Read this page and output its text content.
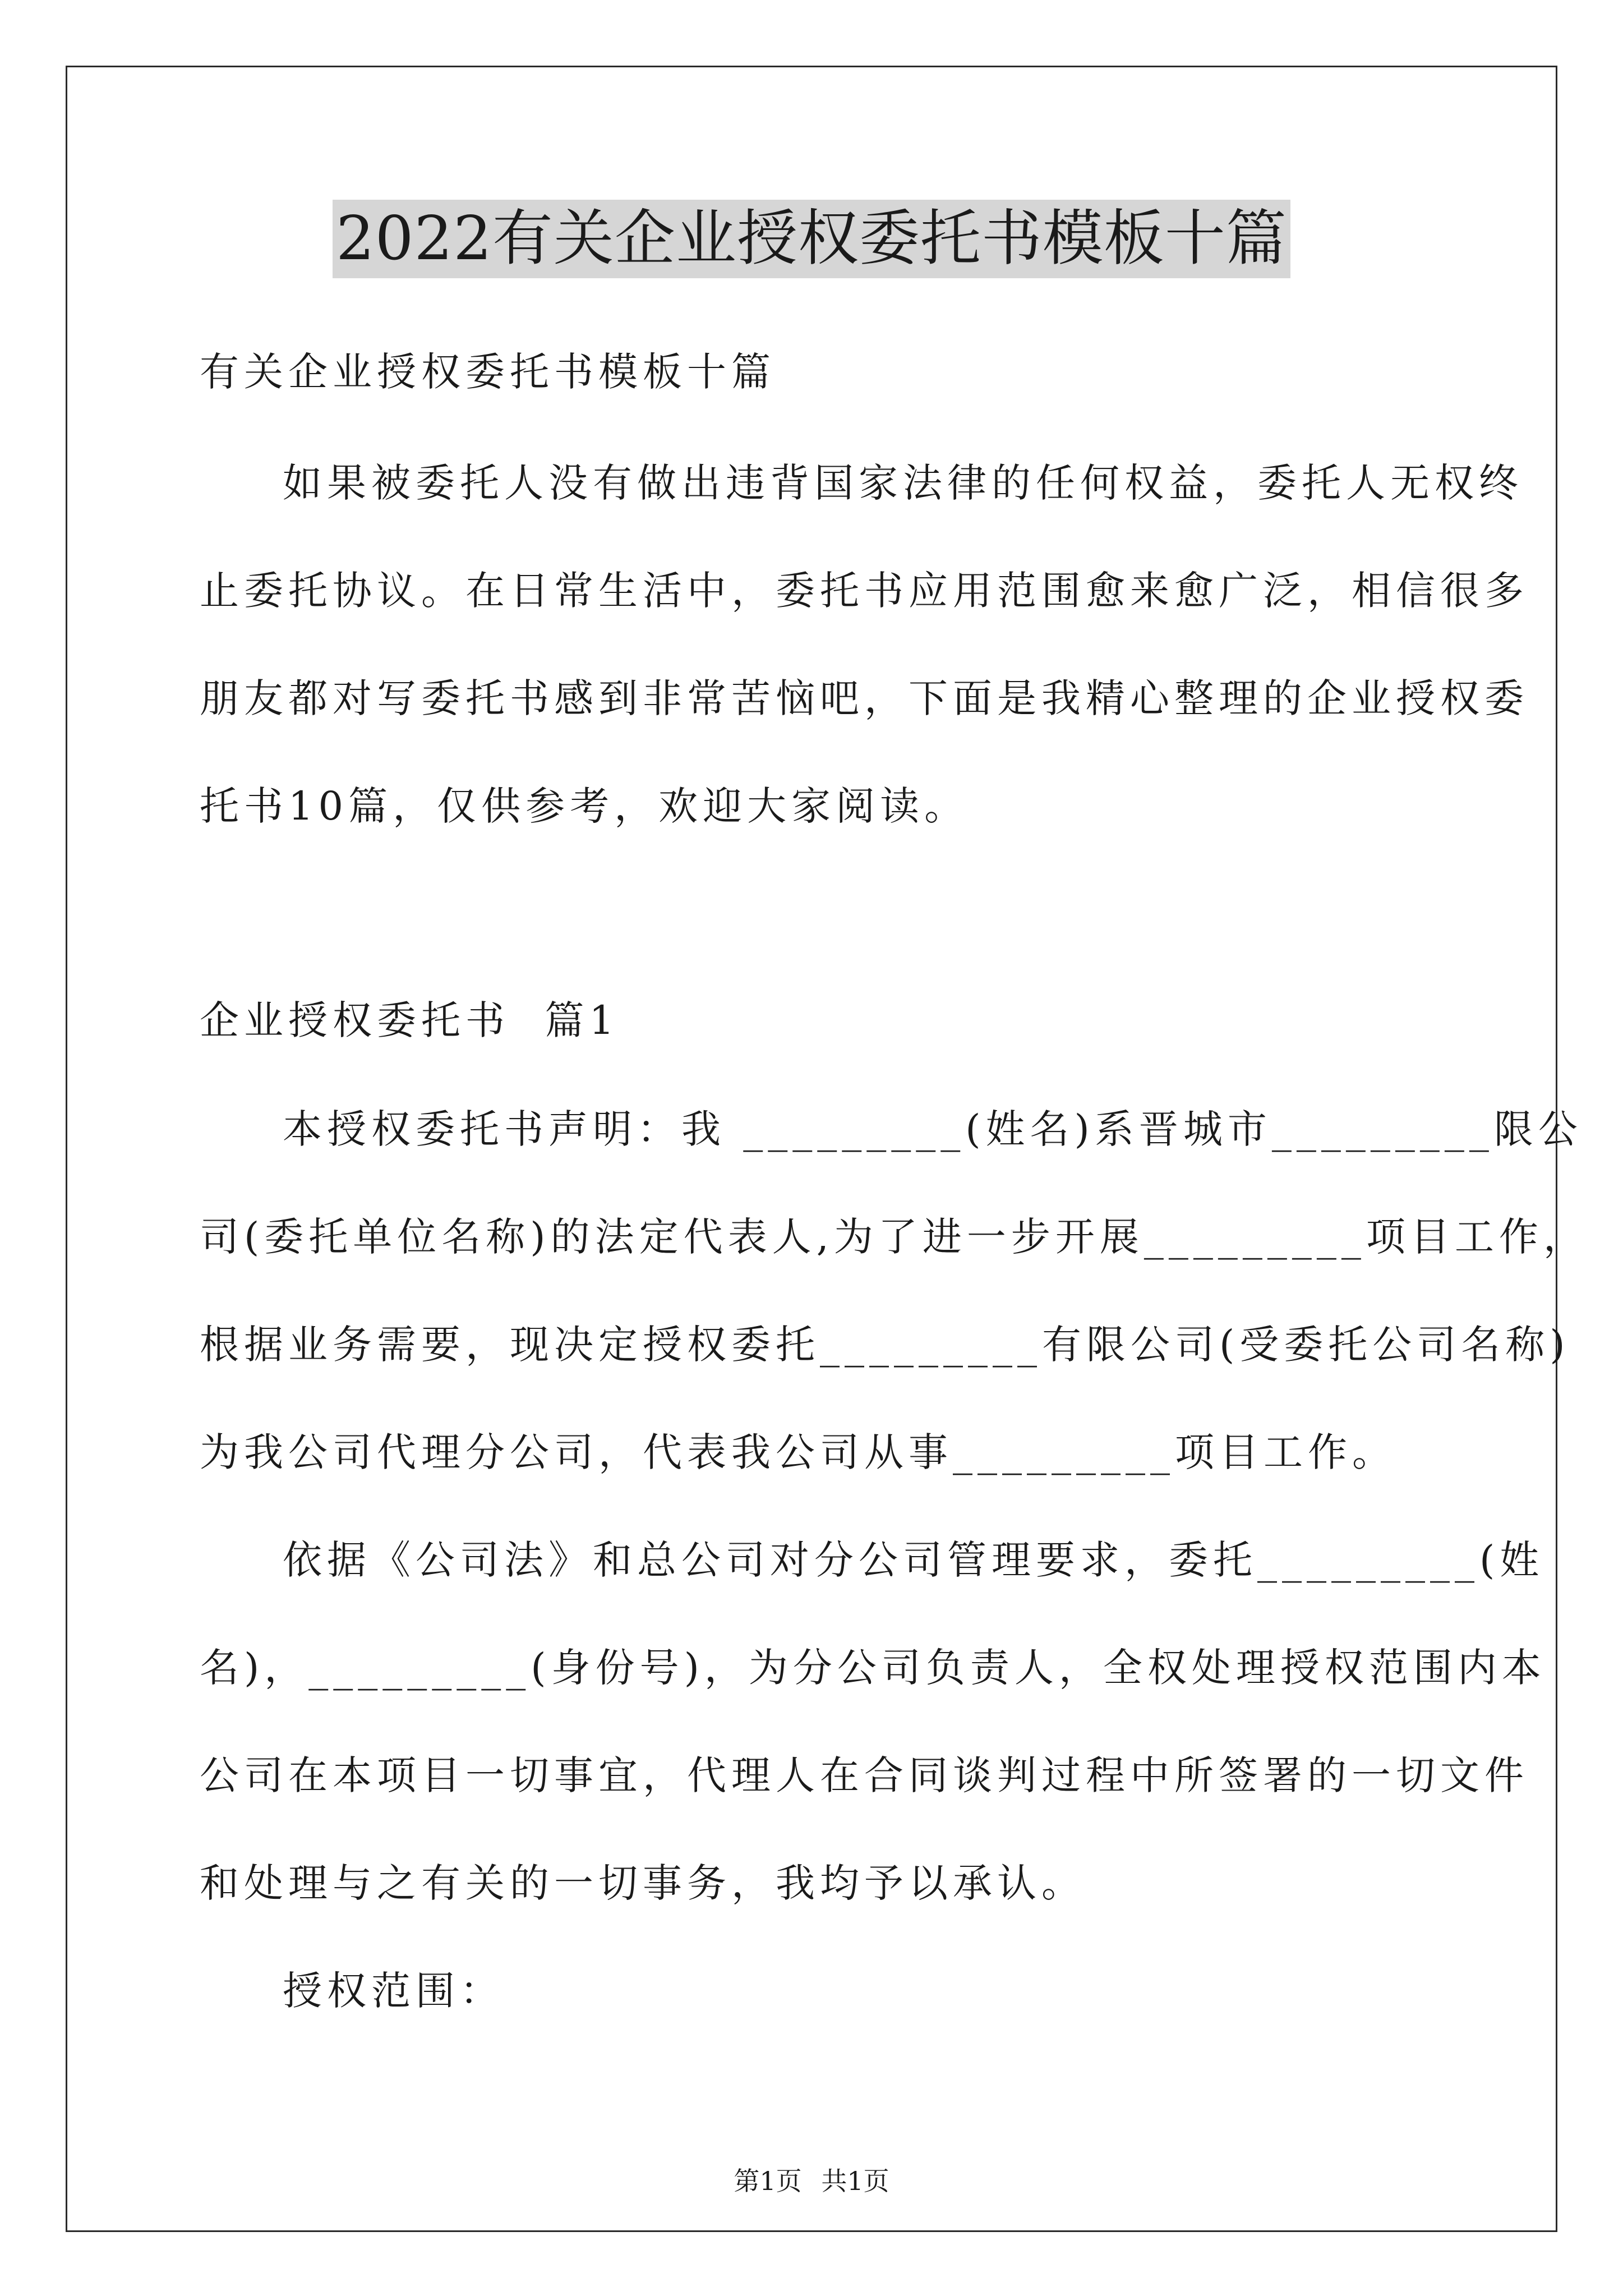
2022有关企业授权委托书模板十篇
有关企业授权委托书模板十篇
如果被委托人没有做出违背国家法律的任何权益，委托人无权终
止委托协议。在日常生活中，委托书应用范围愈来愈广泛，相信很多
朋友都对写委托书感到非常苦恼吧，下面是我精心整理的企业授权委
托书10篇，仅供参考，欢迎大家阅读。
企业授权委托书  篇1
本授权委托书声明：我 _________(姓名)系晋城市_________限公
司(委托单位名称)的法定代表人,为了进一步开展_________项目工作，
根据业务需要，现决定授权委托_________有限公司(受委托公司名称)
为我公司代理分公司，代表我公司从事_________项目工作。
依据《公司法》和总公司对分公司管理要求，委托_________(姓
名)，_________(身份号)，为分公司负责人，全权处理授权范围内本
公司在本项目一切事宜，代理人在合同谈判过程中所签署的一切文件
和处理与之有关的一切事务，我均予以承认。
授权范围：
第1页 共1页
